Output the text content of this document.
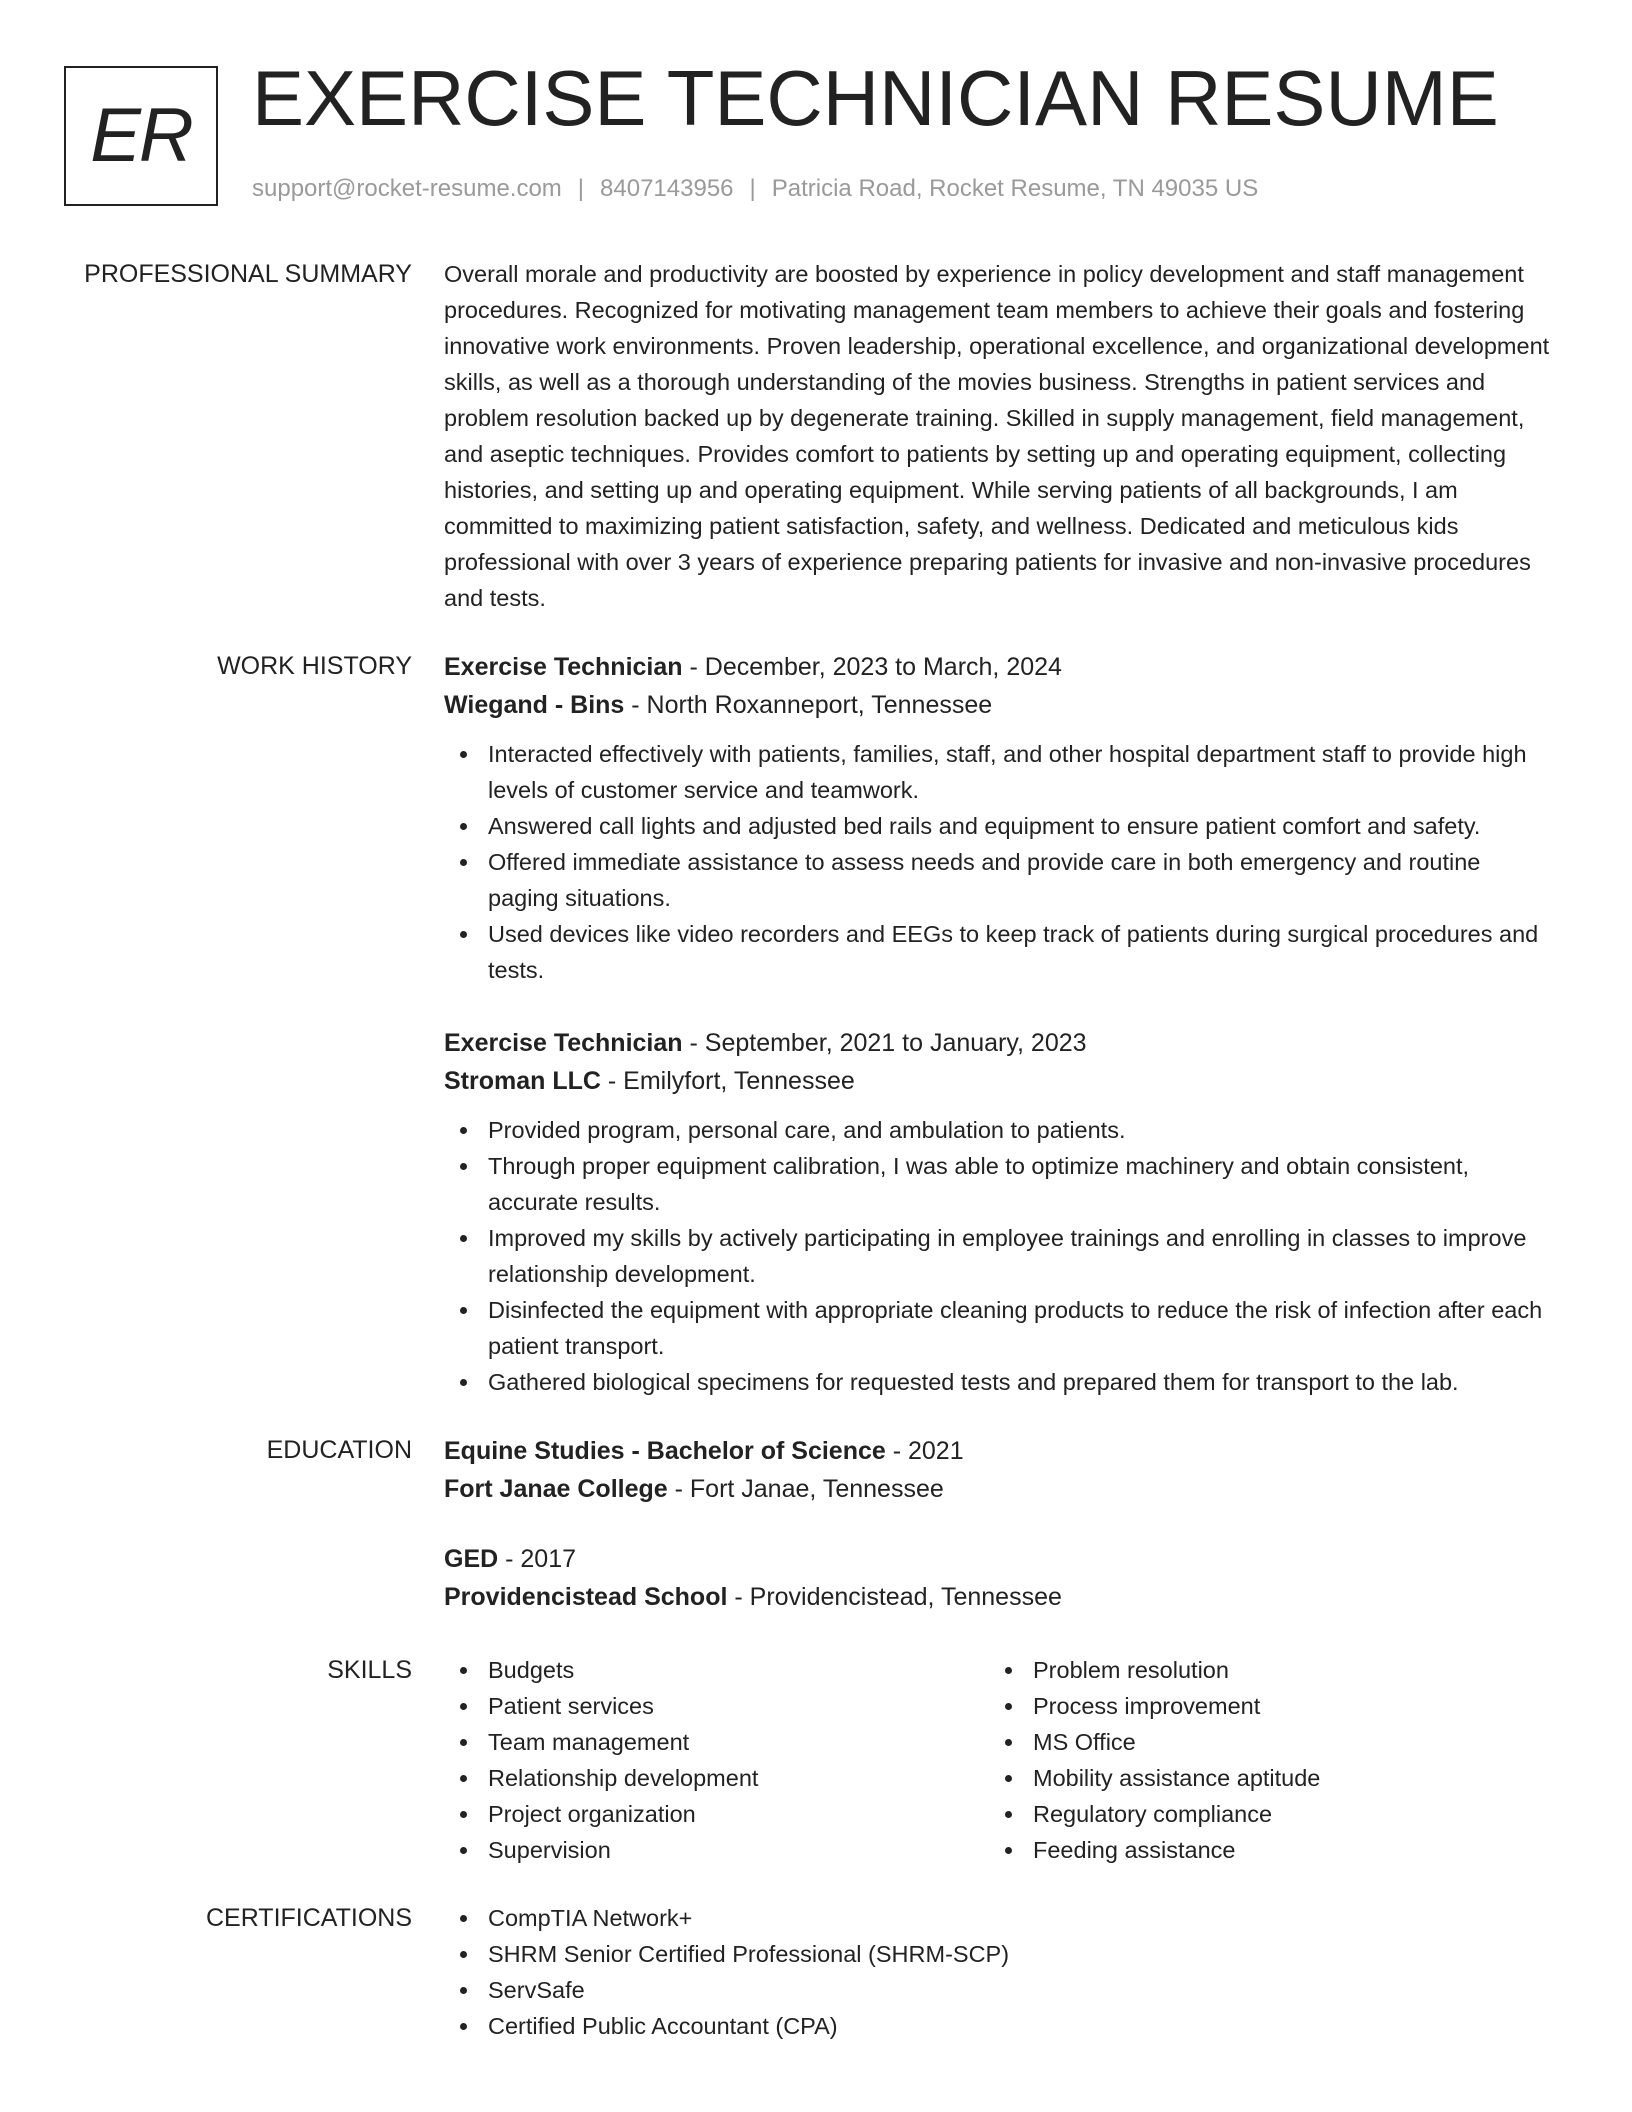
ER EXERCISE TECHNICIAN RESUME
support@rocket-resume.com | 8407143956 | Patricia Road, Rocket Resume, TN 49035 US
PROFESSIONAL SUMMARY Overall morale and productivity are boosted by experience in policy development and staff management procedures. Recognized for motivating management team members to achieve their goals and fostering innovative work environments. Proven leadership, operational excellence, and organizational development skills, as well as a thorough understanding of the movies business. Strengths in patient services and problem resolution backed up by degenerate training. Skilled in supply management, field management, and aseptic techniques. Provides comfort to patients by setting up and operating equipment, collecting histories, and setting up and operating equipment. While serving patients of all backgrounds, I am committed to maximizing patient satisfaction, safety, and wellness. Dedicated and meticulous kids professional with over 3 years of experience preparing patients for invasive and non-invasive procedures and tests.

WORK HISTORY Exercise Technician - December, 2023 to March, 2024
Wiegand - Bins - North Roxanneport, Tennessee
Interacted effectively with patients, families, staff, and other hospital department staff to provide high levels of customer service and teamwork.
Answered call lights and adjusted bed rails and equipment to ensure patient comfort and safety.
Offered immediate assistance to assess needs and provide care in both emergency and routine paging situations.
Used devices like video recorders and EEGs to keep track of patients during surgical procedures and tests.
Exercise Technician - September, 2021 to January, 2023
Stroman LLC - Emilyfort, Tennessee
Provided program, personal care, and ambulation to patients.
Through proper equipment calibration, I was able to optimize machinery and obtain consistent, accurate results.
Improved my skills by actively participating in employee trainings and enrolling in classes to improve relationship development.
Disinfected the equipment with appropriate cleaning products to reduce the risk of infection after each patient transport.
Gathered biological specimens for requested tests and prepared them for transport to the lab.
EDUCATION Equine Studies - Bachelor of Science - 2021
Fort Janae College - Fort Janae, Tennessee
GED - 2017
Providencistead School - Providencistead, Tennessee
SKILLS	Budgets
Patient services
Team management
Relationship development
Project organization
Supervision
Problem resolution
Process improvement
MS Office
Mobility assistance aptitude
Regulatory compliance
Feeding assistance
CERTIFICATIONS	CompTIA Network+
SHRM Senior Certified Professional (SHRM-SCP)
ServSafe
Certified Public Accountant (CPA)
